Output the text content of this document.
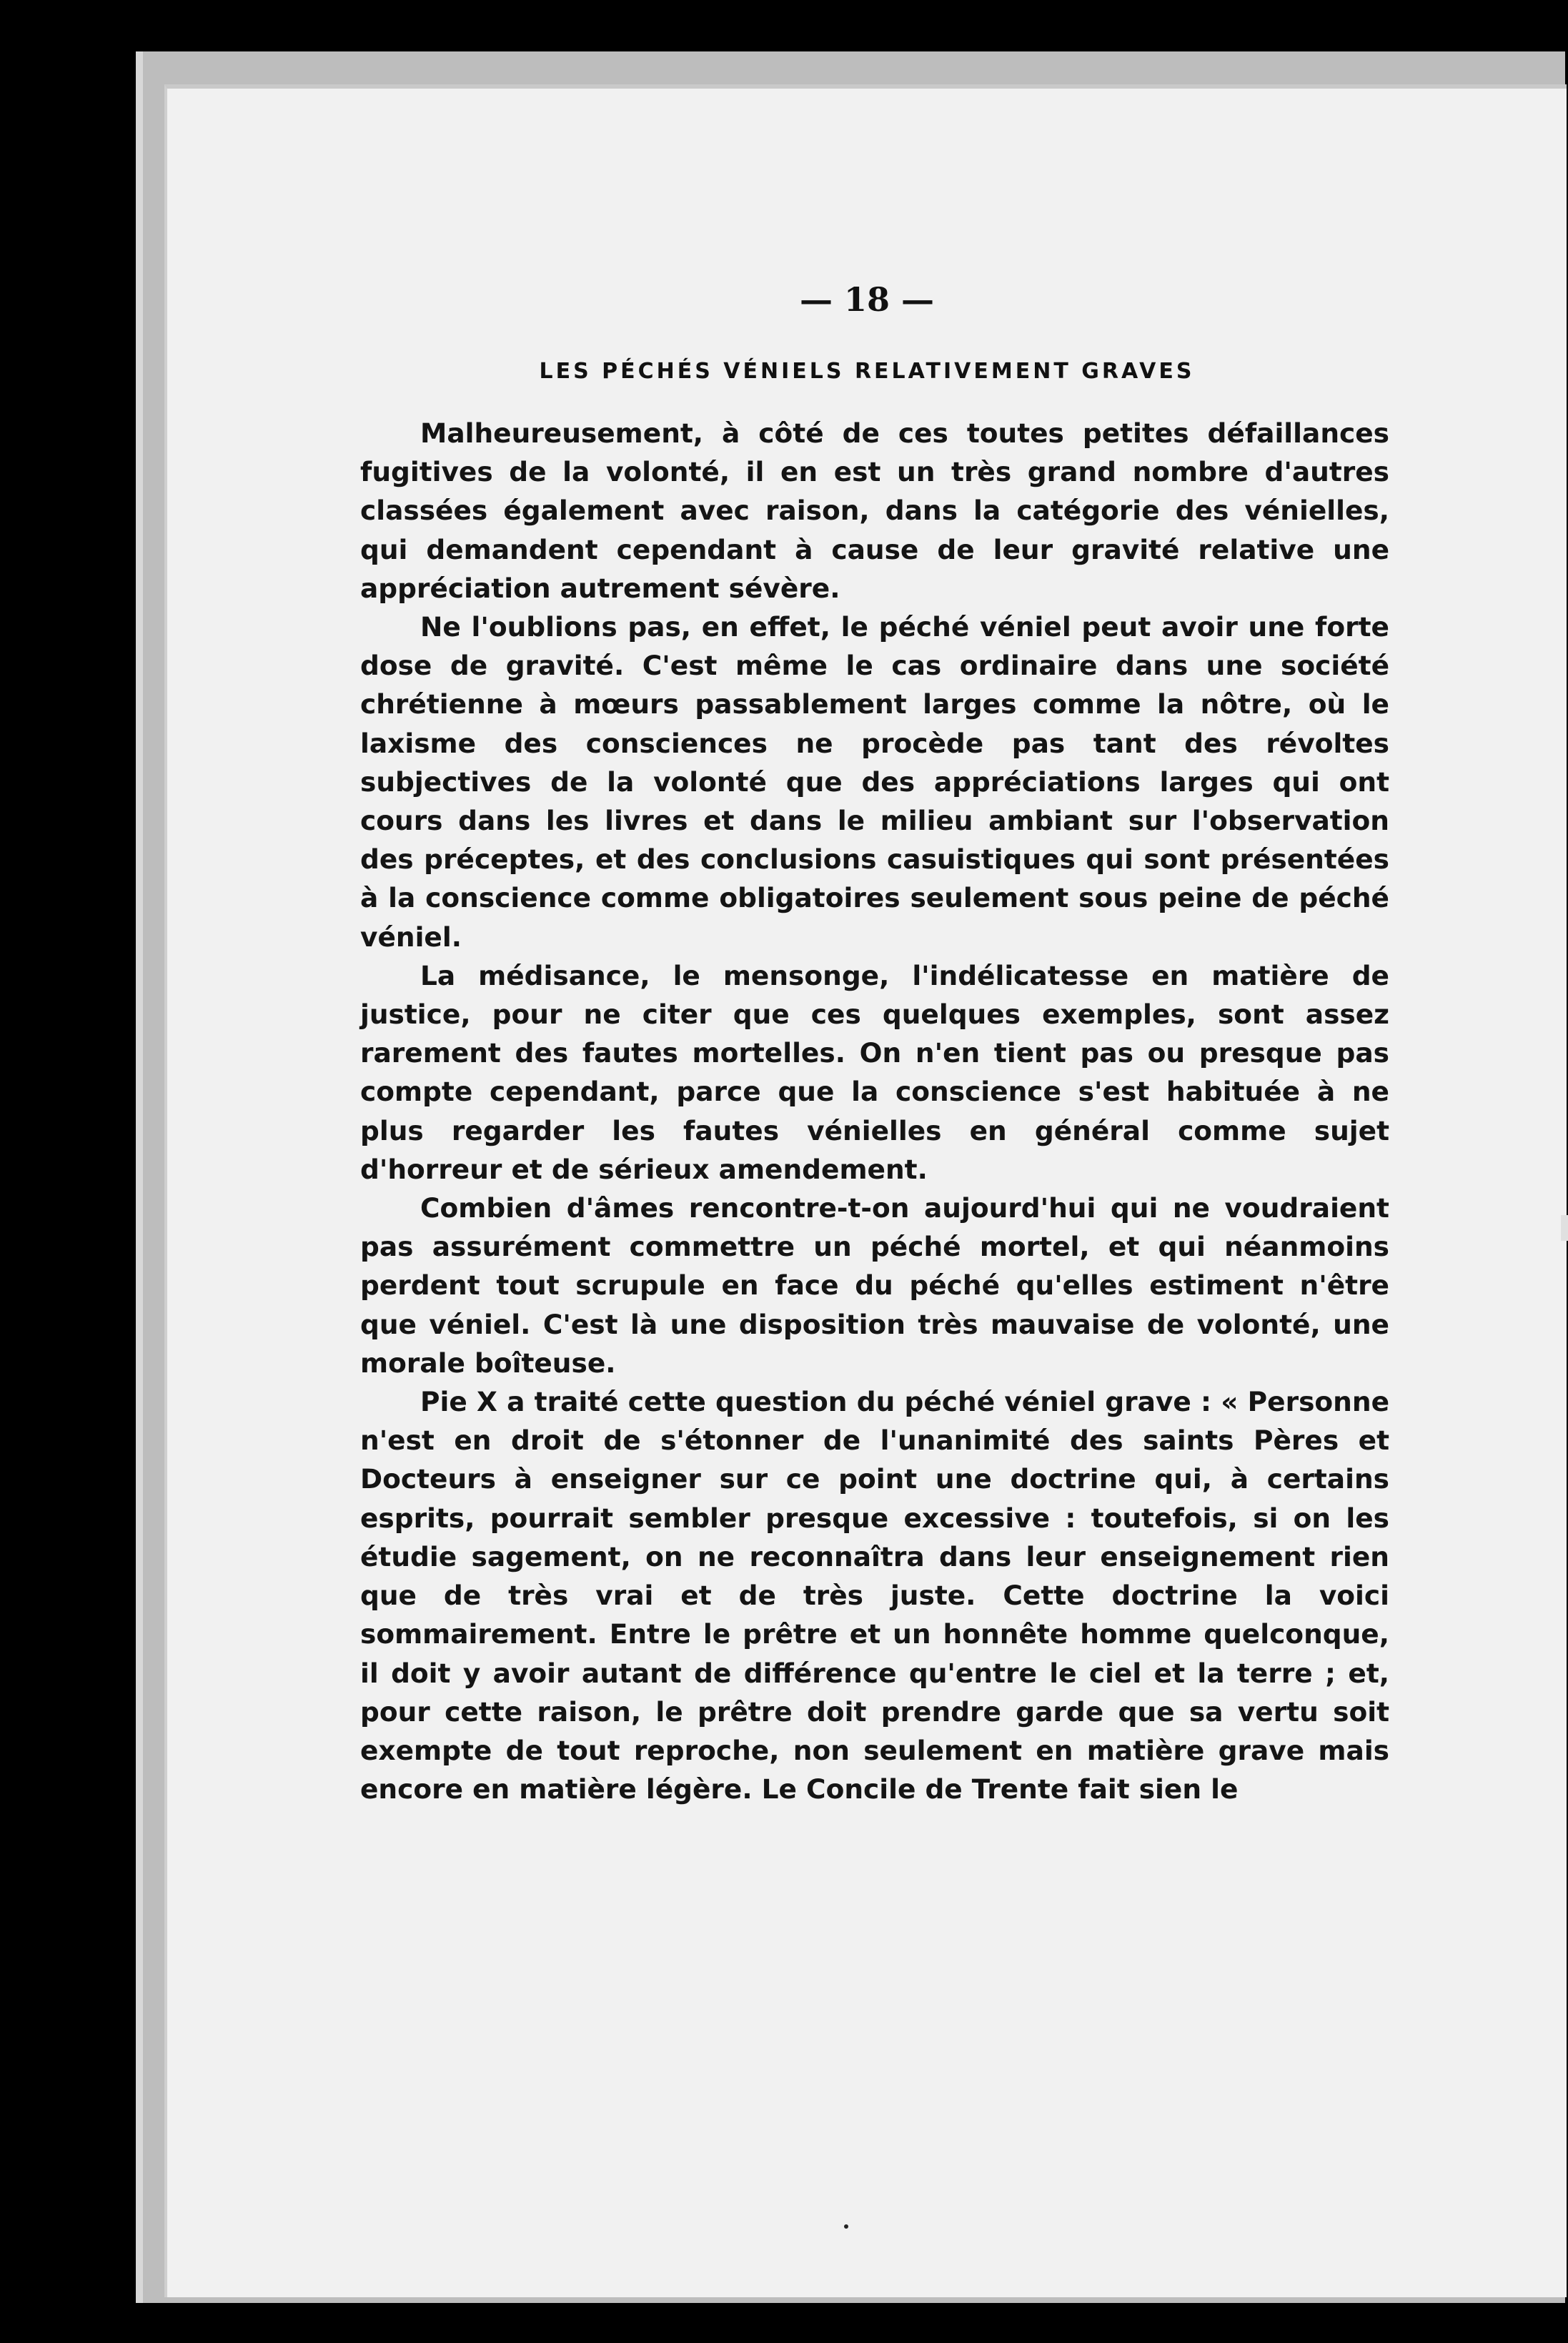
— 18 —
LES PÉCHÉS VÉNIELS RELATIVEMENT GRAVES

Malheureusement, à côté de ces toutes petites défaillances fugitives de la volonté, il en est un très grand nombre d'autres classées également avec raison, dans la catégorie des vénielles, qui demandent cependant à cause de leur gravité relative une appréciation autrement sévère.

Ne l'oublions pas, en effet, le péché véniel peut avoir une forte dose de gravité. C'est même le cas ordinaire dans une société chrétienne à mœurs passablement larges comme la nôtre, où le laxisme des consciences ne procède pas tant des révoltes subjectives de la volonté que des appréciations larges qui ont cours dans les livres et dans le milieu ambiant sur l'observation des préceptes, et des conclusions casuistiques qui sont présentées à la conscience comme obligatoires seulement sous peine de péché véniel.

La médisance, le mensonge, l'indélicatesse en matière de justice, pour ne citer que ces quelques exemples, sont assez rarement des fautes mortelles. On n'en tient pas ou presque pas compte cependant, parce que la conscience s'est habituée à ne plus regarder les fautes vénielles en général comme sujet d'horreur et de sérieux amendement.

Combien d'âmes rencontre-t-on aujourd'hui qui ne voudraient pas assurément commettre un péché mortel, et qui néanmoins perdent tout scrupule en face du péché qu'elles estiment n'être que véniel. C'est là une disposition très mauvaise de volonté, une morale boîteuse.

Pie X a traité cette question du péché véniel grave : « Personne n'est en droit de s'étonner de l'unanimité des saints Pères et Docteurs à enseigner sur ce point une doctrine qui, à certains esprits, pourrait sembler presque excessive : toutefois, si on les étudie sagement, on ne reconnaîtra dans leur enseignement rien que de très vrai et de très juste. Cette doctrine la voici sommairement. Entre le prêtre et un honnête homme quelconque, il doit y avoir autant de différence qu'entre le ciel et la terre ; et, pour cette raison, le prêtre doit prendre garde que sa vertu soit exempte de tout reproche, non seulement en matière grave mais encore en matière légère. Le Concile de Trente fait sien le
